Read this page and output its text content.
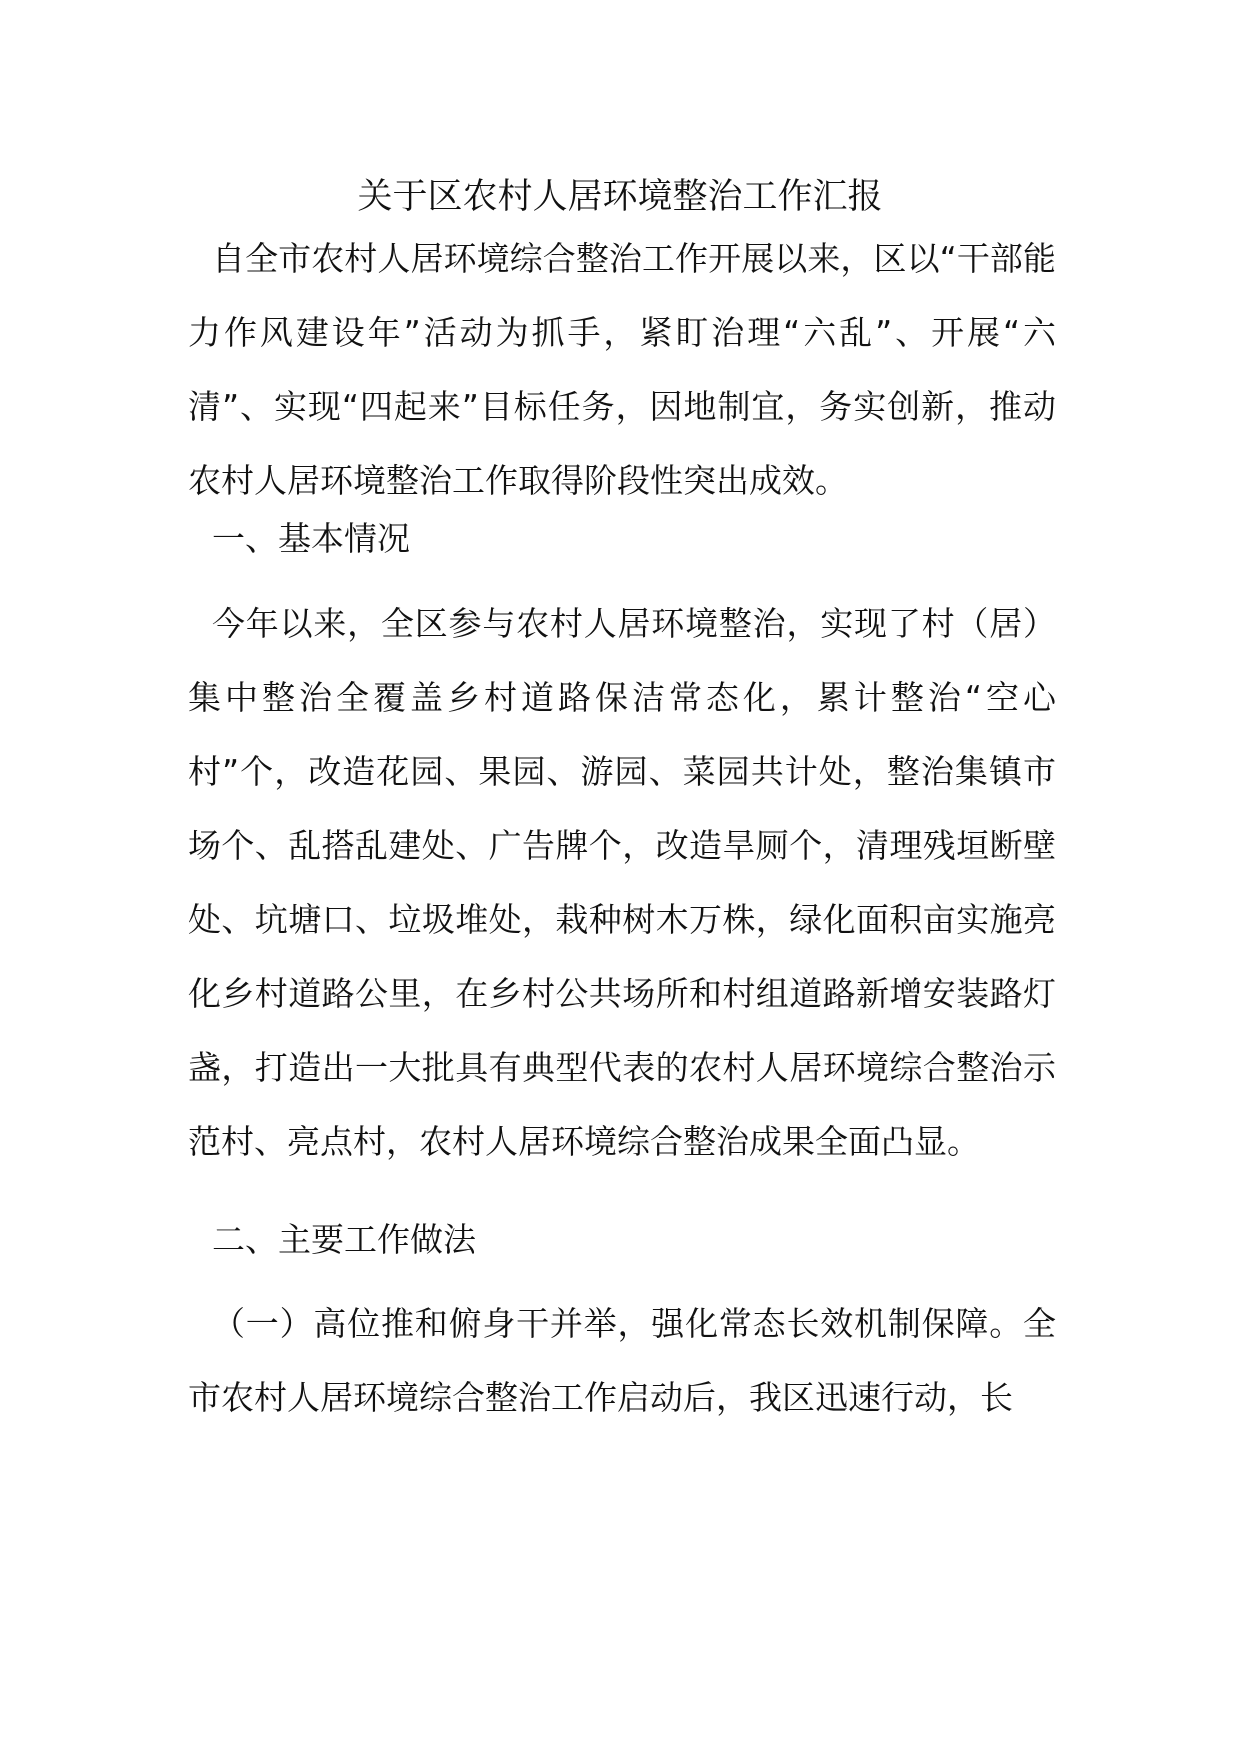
关于区农村人居环境整治工作汇报

自全市农村人居环境综合整治工作开展以来，区以“干部能力作风建设年”活动为抓手，紧盯治理“六乱”、开展“六清”、实现“四起来”目标任务，因地制宜，务实创新，推动农村人居环境整治工作取得阶段性突出成效。

一、基本情况

今年以来，全区参与农村人居环境整治，实现了村（居）集中整治全覆盖乡村道路保洁常态化，累计整治“空心村”个，改造花园、果园、游园、菜园共计处，整治集镇市场个、乱搭乱建处、广告牌个，改造旱厕个，清理残垣断壁处、坑塘口、垃圾堆处，栽种树木万株，绿化面积亩实施亮化乡村道路公里，在乡村公共场所和村组道路新增安装路灯盏，打造出一大批具有典型代表的农村人居环境综合整治示范村、亮点村，农村人居环境综合整治成果全面凸显。

二、主要工作做法

（一）高位推和俯身干并举，强化常态长效机制保障。全市农村人居环境综合整治工作启动后，我区迅速行动，长
